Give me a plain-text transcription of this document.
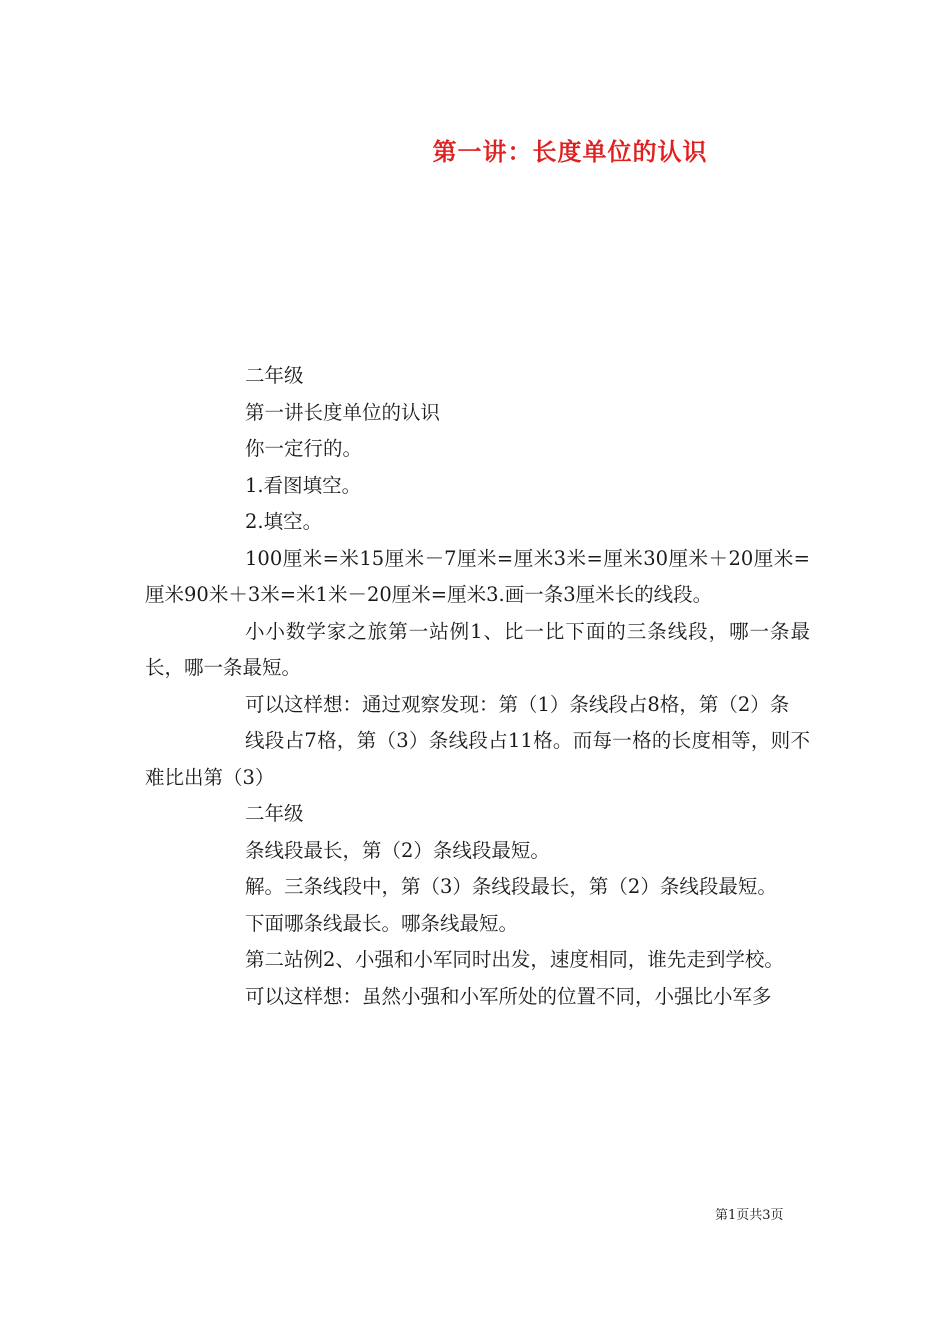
第一讲：长度单位的认识

二年级

第一讲长度单位的认识

你一定行的。

1.看图填空。

2.填空。

100厘米=米15厘米－7厘米=厘米3米=厘米30厘米＋20厘米=厘米90米＋3米=米1米－20厘米=厘米3.画一条3厘米长的线段。

小小数学家之旅第一站例1、比一比下面的三条线段，哪一条最长，哪一条最短。

可以这样想：通过观察发现：第（1）条线段占8格，第（2）条

线段占7格，第（3）条线段占11格。而每一格的长度相等，则不难比出第（3）

二年级

条线段最长，第（2）条线段最短。

解。三条线段中，第（3）条线段最长，第（2）条线段最短。

下面哪条线最长。哪条线最短。

第二站例2、小强和小军同时出发，速度相同，谁先走到学校。

可以这样想：虽然小强和小军所处的位置不同，小强比小军多

第1页共3页
